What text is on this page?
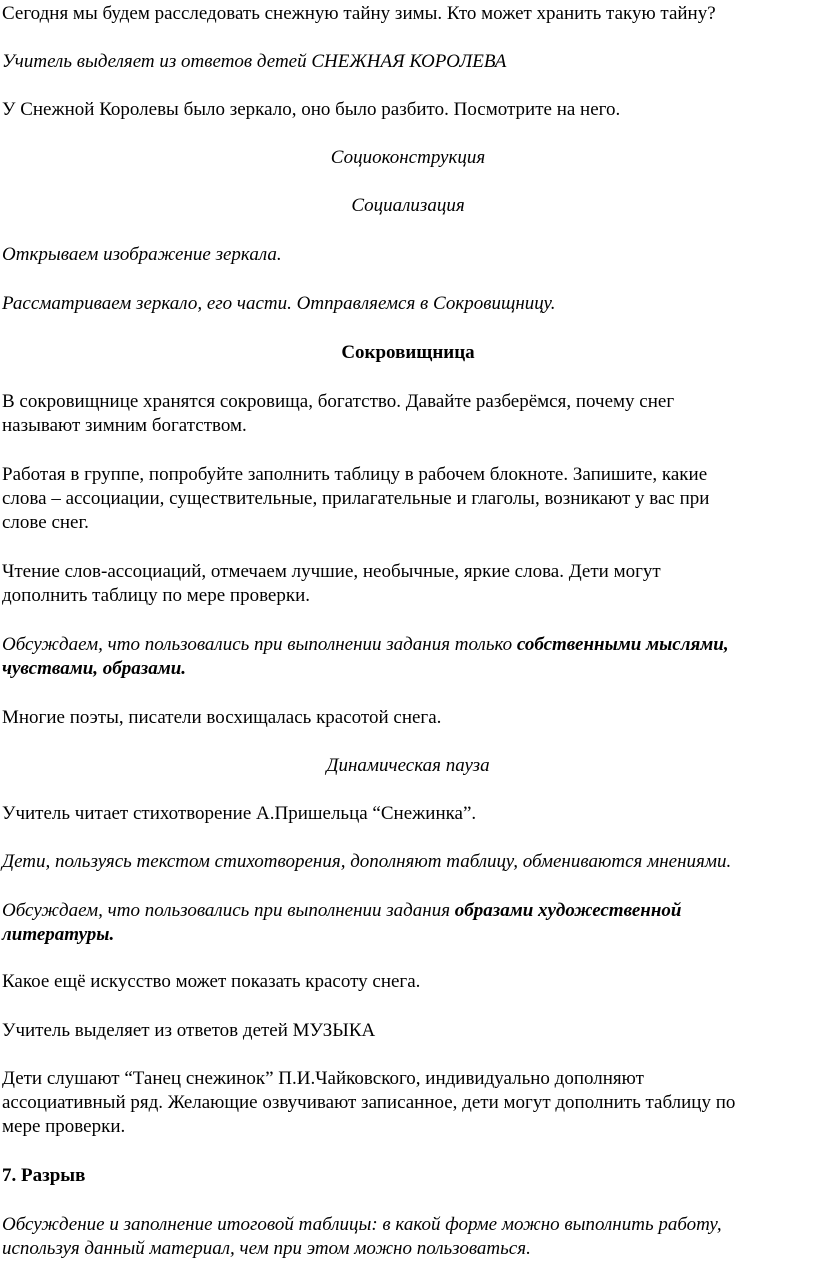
Сегодня мы будем расследовать снежную тайну зимы. Кто может хранить такую тайну?

Учитель выделяет из ответов детей СНЕЖНАЯ КОРОЛЕВА

У Снежной Королевы было зеркало, оно было разбито. Посмотрите на него.

Социоконструкция

Социализация

Открываем изображение зеркала.

Рассматриваем зеркало, его части. Отправляемся в Сокровищницу.

Сокровищница

В сокровищнице хранятся сокровища, богатство. Давайте разберёмся, почему снег
называют зимним богатством.
Работая в группе, попробуйте заполнить таблицу в рабочем блокноте. Запишите, какие
слова – ассоциации, существительные, прилагательные и глаголы, возникают у вас при
слове снег.
Чтение слов-ассоциаций, отмечаем лучшие, необычные, яркие слова. Дети могут
дополнить таблицу по мере проверки.
Обсуждаем, что пользовались при выполнении задания только собственными мыслями,
чувствами, образами.

Многие поэты, писатели восхищалась красотой снега.

Динамическая пауза

Учитель читает стихотворение А.Пришельца “Снежинка”.

Дети, пользуясь текстом стихотворения, дополняют таблицу, обмениваются мнениями.

Обсуждаем, что пользовались при выполнении задания образами художественной
литературы.

Какое ещё искусство может показать красоту снега.

Учитель выделяет из ответов детей МУЗЫКА

Дети слушают “Танец снежинок” П.И.Чайковского, индивидуально дополняют
ассоциативный ряд. Желающие озвучивают записанное, дети могут дополнить таблицу по
мере проверки.

7. Разрыв

Обсуждение и заполнение итоговой таблицы: в какой форме можно выполнить работу,
используя данный материал, чем при этом можно пользоваться.
